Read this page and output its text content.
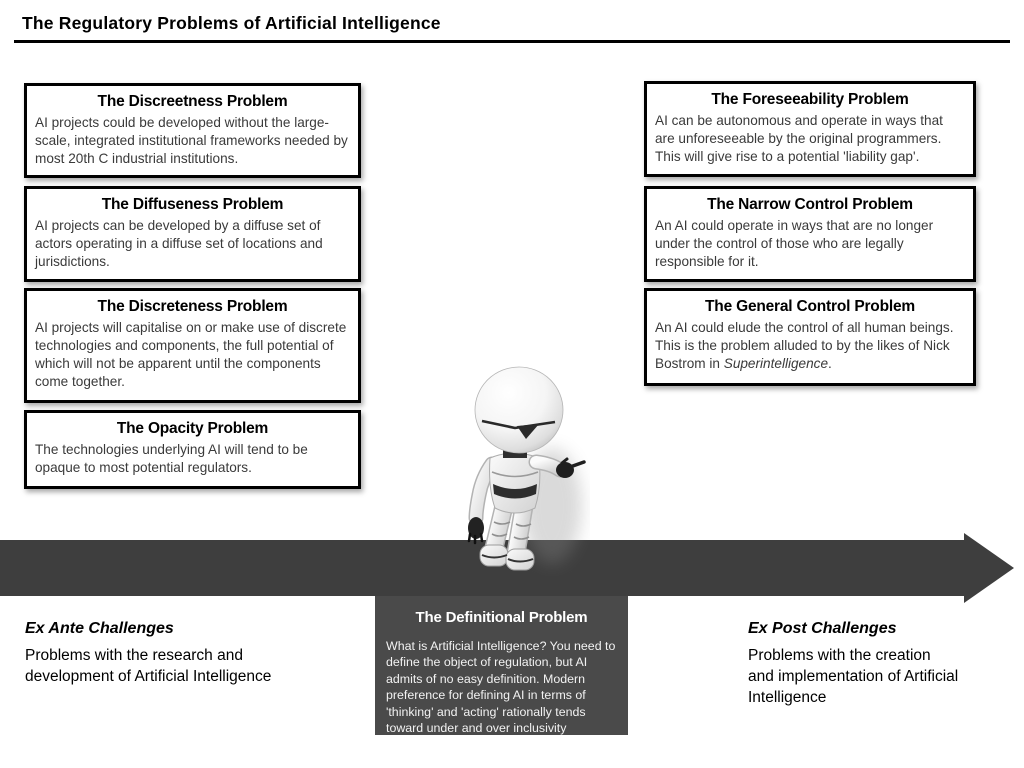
The Regulatory Problems of Artificial Intelligence
The Discreetness Problem
AI projects could be developed without the large-scale, integrated institutional frameworks needed by most 20th C industrial institutions.
The Diffuseness Problem
AI projects can be developed by a diffuse set of actors operating in a diffuse set of locations and jurisdictions.
The Discreteness Problem
AI projects will capitalise on or make use of discrete technologies and components, the full potential of which will not be apparent until the components come together.
The Opacity Problem
The technologies underlying AI will tend to be opaque to most potential regulators.
The Foreseeability Problem
AI can be autonomous and operate in ways that are unforeseeable by the original programmers. This will give rise to a potential 'liability gap'.
The Narrow Control Problem
An AI could operate in ways that are no longer under the control of those who are legally responsible for it.
The General Control Problem
An AI could elude the control of all human beings. This is the problem alluded to by the likes of Nick Bostrom in Superintelligence.
The Definitional Problem
What is Artificial Intelligence? You need to define the object of regulation, but AI admits of no easy definition. Modern preference for defining AI in terms of 'thinking' and 'acting' rationally tends toward under and over inclusivity
Ex Ante Challenges
Problems with the research and development of Artificial Intelligence
Ex Post Challenges
Problems with the creation and implementation of Artificial Intelligence
